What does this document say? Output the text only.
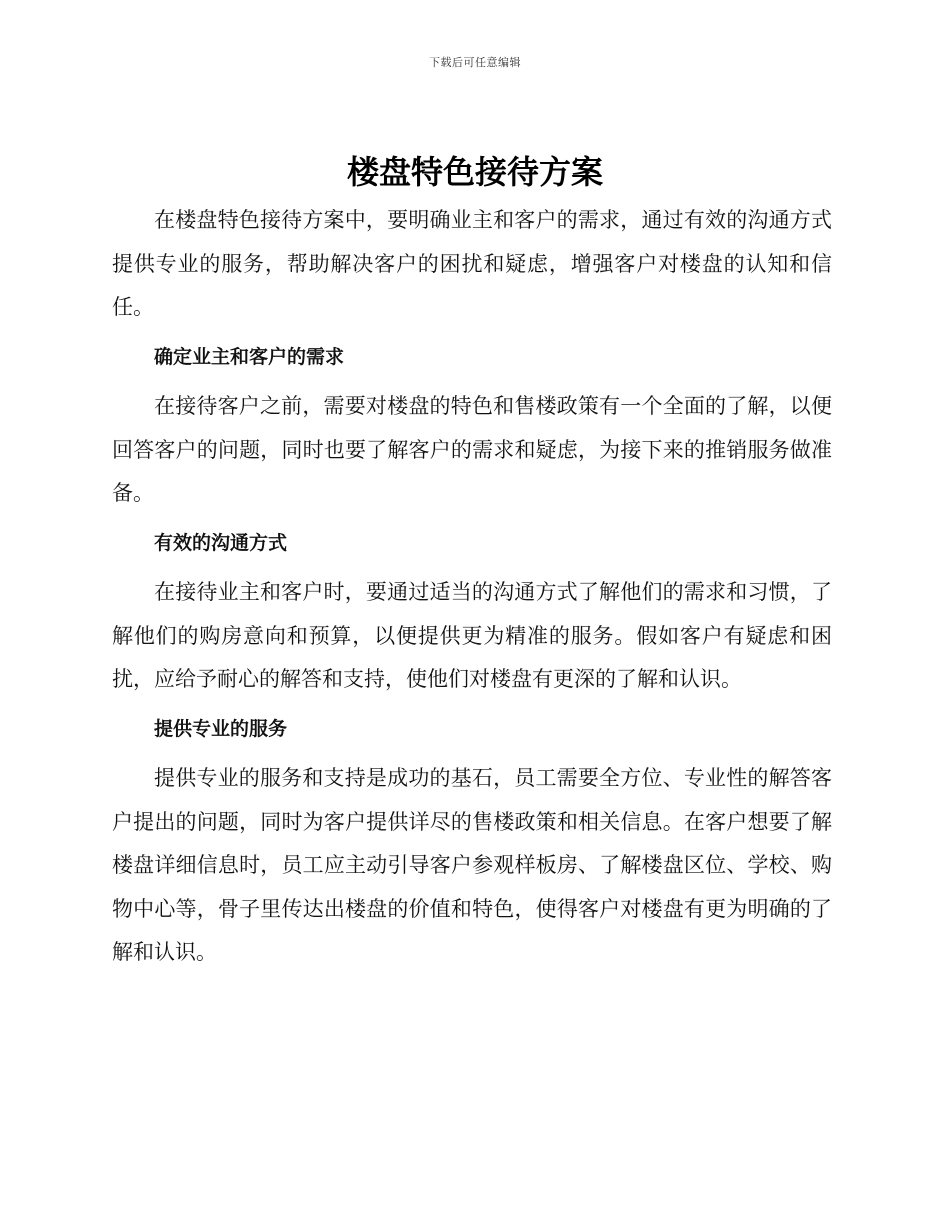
下载后可任意编辑
楼盘特色接待方案

在楼盘特色接待方案中，要明确业主和客户的需求，通过有效的沟通方式提供专业的服务，帮助解决客户的困扰和疑虑，增强客户对楼盘的认知和信任。

确定业主和客户的需求

在接待客户之前，需要对楼盘的特色和售楼政策有一个全面的了解，以便回答客户的问题，同时也要了解客户的需求和疑虑，为接下来的推销服务做准备。

有效的沟通方式

在接待业主和客户时，要通过适当的沟通方式了解他们的需求和习惯，了解他们的购房意向和预算，以便提供更为精准的服务。假如客户有疑虑和困扰，应给予耐心的解答和支持，使他们对楼盘有更深的了解和认识。

提供专业的服务

提供专业的服务和支持是成功的基石，员工需要全方位、专业性的解答客户提出的问题，同时为客户提供详尽的售楼政策和相关信息。在客户想要了解楼盘详细信息时，员工应主动引导客户参观样板房、了解楼盘区位、学校、购物中心等，骨子里传达出楼盘的价值和特色，使得客户对楼盘有更为明确的了解和认识。
